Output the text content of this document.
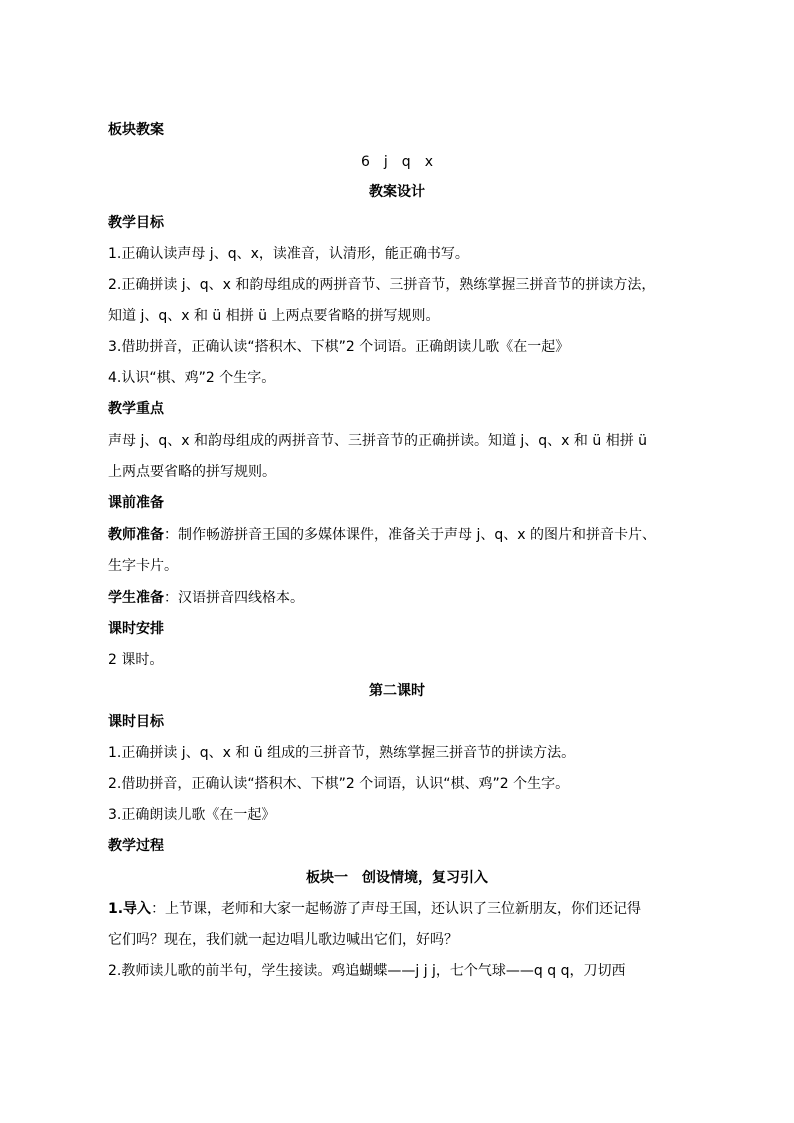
板块教案
6　j　q　x
教案设计
教学目标
1.正确认读声母 j、q、x，读准音，认清形，能正确书写。
2.正确拼读 j、q、x 和韵母组成的两拼音节、三拼音节，熟练掌握三拼音节的拼读方法，
知道 j、q、x 和 ü 相拼 ü 上两点要省略的拼写规则。
3.借助拼音，正确认读“搭积木、下棋”2 个词语。正确朗读儿歌《在一起》
4.认识“棋、鸡”2 个生字。
教学重点
声母 j、q、x 和韵母组成的两拼音节、三拼音节的正确拼读。知道 j、q、x 和 ü 相拼 ü
上两点要省略的拼写规则。
课前准备
教师准备：制作畅游拼音王国的多媒体课件，准备关于声母 j、q、x 的图片和拼音卡片、
生字卡片。
学生准备：汉语拼音四线格本。
课时安排
2 课时。
第二课时
课时目标
1.正确拼读 j、q、x 和 ü 组成的三拼音节，熟练掌握三拼音节的拼读方法。
2.借助拼音，正确认读“搭积木、下棋”2 个词语，认识“棋、鸡”2 个生字。
3.正确朗读儿歌《在一起》
教学过程
板块一　创设情境，复习引入
1.导入：上节课，老师和大家一起畅游了声母王国，还认识了三位新朋友，你们还记得
它们吗？现在，我们就一起边唱儿歌边喊出它们，好吗？
2.教师读儿歌的前半句，学生接读。鸡追蝴蝶——j j j，七个气球——q q q，刀切西
